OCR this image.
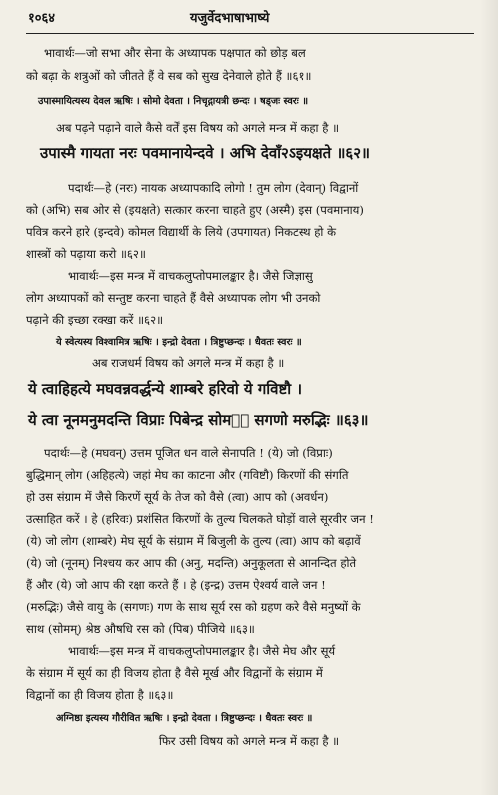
१०६४	यजुर्वेदभाषाभाष्ये
भावार्थः—जो सभा और सेना के अध्यापक पक्षपात को छोड़ बल
को बढ़ा के शत्रुओं को जीतते हैं वे सब को सुख देनेवाले होते हैं ॥६१॥
उपास्मायित्यस्य देवल ऋषिः । सोमो देवता । निचृद्गायत्री छन्दः । षड्जः स्वरः ॥
अब पढ़ने पढ़ाने वाले कैसे वर्तें इस विषय को अगले मन्त्र में कहा है ॥
उपास्मै गायता नरः पवमानायेन्दवे । अभि देवाँ२ऽइयक्षते ॥६२॥
पदार्थः—हे (नरः) नायक अध्यापकादि लोगो ! तुम लोग (देवान्) विद्वानों
को (अभि) सब ओर से (इयक्षते) सत्कार करना चाहते हुए (अस्मै) इस (पवमानाय)
पवित्र करने हारे (इन्दवे) कोमल विद्यार्थी के लिये (उपगायत) निकटस्थ हो के
शास्त्रों को पढ़ाया करो ॥६२॥
भावार्थः—इस मन्त्र में वाचकलुप्तोपमालङ्कार है। जैसे जिज्ञासु
लोग अध्यापकों को सन्तुष्ट करना चाहते हैं वैसे अध्यापक लोग भी उनको
पढ़ाने की इच्छा रक्खा करें ॥६२॥
ये स्वेत्यस्य विश्वामित्र ऋषिः । इन्द्रो देवता । त्रिष्टुप्छन्दः । धैवतः स्वरः ॥
अब राजधर्म विषय को अगले मन्त्र में कहा है ॥
ये त्वाहिहत्ये मघवन्नवर्द्धन्ये शाम्बरे हरिवो ये गविष्टौ ।
ये त्वा नूनमनुमदन्ति विप्राः पिबेन्द्र सोमᳬं सगणो मरुद्भिः ॥६३॥
पदार्थः—हे (मघवन्) उत्तम पूजित धन वाले सेनापति ! (ये) जो (विप्राः)
बुद्धिमान् लोग (अहिहत्ये) जहां मेघ का काटना और (गविष्टौ) किरणों की संगति
हो उस संग्राम में जैसे किरणें सूर्य के तेज को वैसे (त्वा) आप को (अवर्धन)
उत्साहित करें । हे (हरिवः) प्रशंसित किरणों के तुल्य चिलकते घोड़ों वाले सूरवीर जन !
(ये) जो लोग (शाम्बरे) मेघ सूर्य के संग्राम में बिजुली के तुल्य (त्वा) आप को बढ़ावें
(ये) जो (नूनम्) निश्चय कर आप की (अनु, मदन्ति) अनुकूलता से आनन्दित होते
हैं और (ये) जो आप की रक्षा करते हैं । हे (इन्द्र) उत्तम ऐश्वर्य वाले जन !
(मरुद्भिः) जैसे वायु के (सगणः) गण के साथ सूर्य रस को ग्रहण करे वैसे मनुष्यों के
साथ (सोमम्) श्रेष्ठ औषधि रस को (पिब) पीजिये ॥६३॥
भावार्थः—इस मन्त्र में वाचकलुप्तोपमालङ्कार है। जैसे मेघ और सूर्य
के संग्राम में सूर्य का ही विजय होता है वैसे मूर्ख और विद्वानों के संग्राम में
विद्वानों का ही विजय होता है ॥६३॥
अग्निष्ठा इत्यस्य गौरीवित ऋषिः । इन्द्रो देवता । त्रिष्टुप्छन्दः । धैवतः स्वरः ॥
फिर उसी विषय को अगले मन्त्र में कहा है ॥
